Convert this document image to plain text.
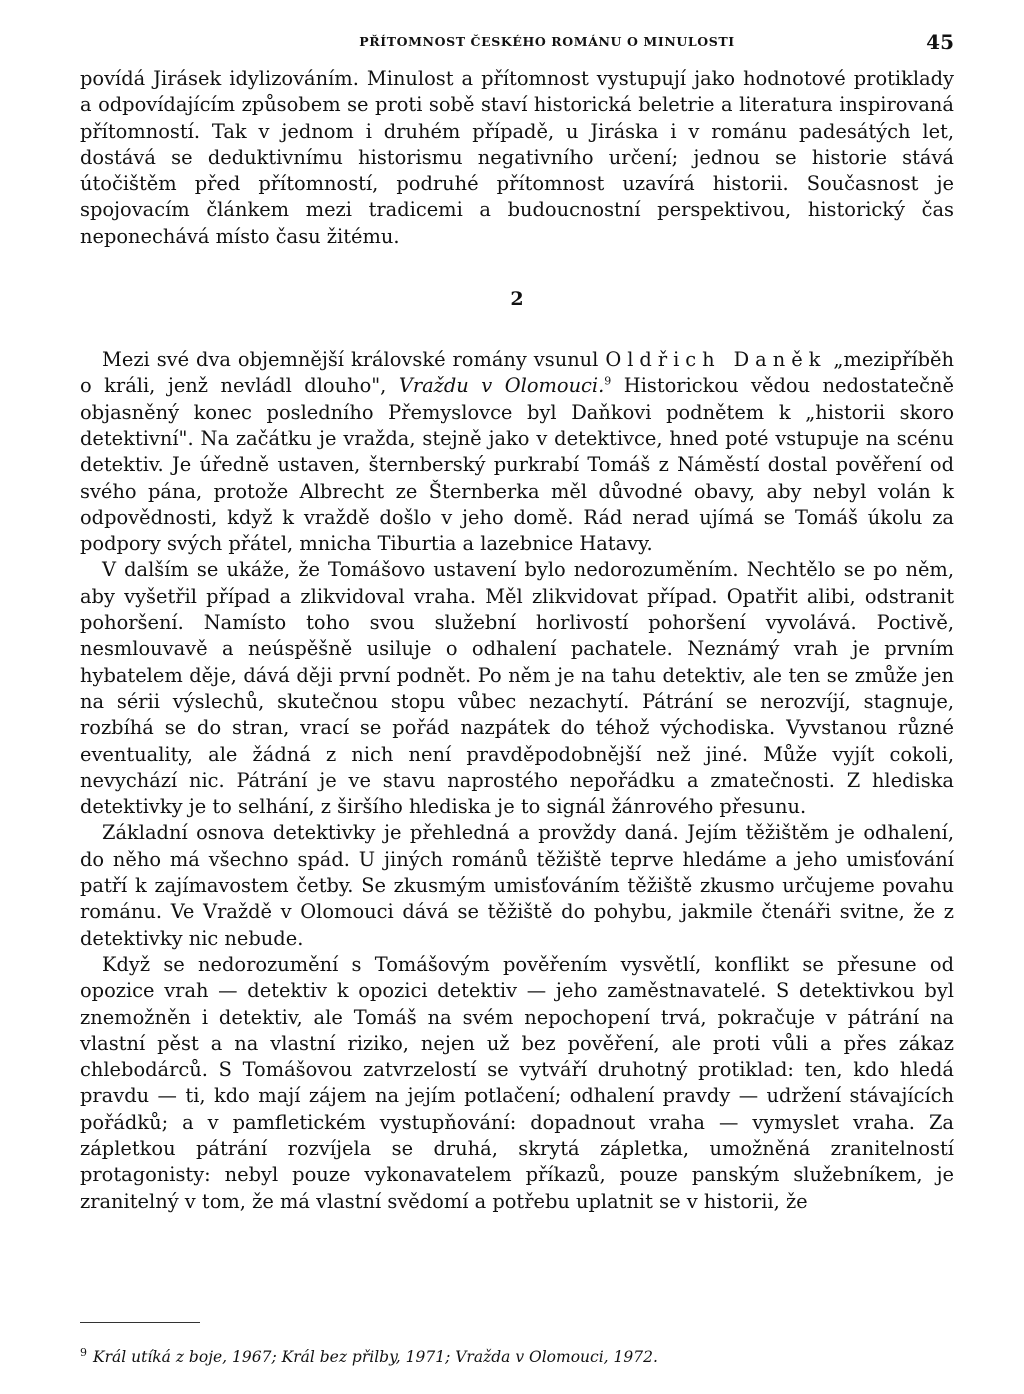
PŘÍTOMNOST ČESKÉHO ROMÁNU O MINULOSTI	45

povídá Jirásek idylizováním. Minulost a přítomnost vystupují jako hodnotové protiklady a odpovídajícím způsobem se proti sobě staví historická beletrie a literatura inspirovaná přítomností. Tak v jednom i druhém případě, u Jiráska i v románu padesátých let, dostává se deduktivnímu historismu negativního určení; jednou se historie stává útočištěm před přítomností, podruhé přítomnost uzavírá historii. Současnost je spojovacím článkem mezi tradicemi a budoucnostní perspektivou, historický čas neponechává místo času žitému.

2

Mezi své dva objemnější královské romány vsunul Oldřich Daněk „mezipříběh o králi, jenž nevládl dlouho", Vraždu v Olomouci.$^9$ Historickou vědou nedostatečně objasněný konec posledního Přemyslovce byl Daňkovi podnětem k „historii skoro detektivní". Na začátku je vražda, stejně jako v detektivce, hned poté vstupuje na scénu detektiv. Je úředně ustaven, šternberský purkrabí Tomáš z Náměstí dostal pověření od svého pána, protože Albrecht ze Šternberka měl důvodné obavy, aby nebyl volán k odpovědnosti, když k vraždě došlo v jeho domě. Rád nerad ujímá se Tomáš úkolu za podpory svých přátel, mnicha Tiburtia a lazebnice Hatavy.

V dalším se ukáže, že Tomášovo ustavení bylo nedorozuměním. Nechtělo se po něm, aby vyšetřil případ a zlikvidoval vraha. Měl zlikvidovat případ. Opatřit alibi, odstranit pohoršení. Namísto toho svou služební horlivostí pohoršení vyvolává. Poctivě, nesmlouvavě a neúspěšně usiluje o odhalení pachatele. Neznámý vrah je prvním hybatelem děje, dává ději první podnět. Po něm je na tahu detektiv, ale ten se zmůže jen na sérii výslechů, skutečnou stopu vůbec nezachytí. Pátrání se nerozvíjí, stagnuje, rozbíhá se do stran, vrací se pořád nazpátek do téhož východiska. Vyvstanou různé eventuality, ale žádná z nich není pravděpodobnější než jiné. Může vyjít cokoli, nevychází nic. Pátrání je ve stavu naprostého nepořádku a zmatečnosti. Z hlediska detektivky je to selhání, z širšího hlediska je to signál žánrového přesunu.

Základní osnova detektivky je přehledná a provždy daná. Jejím těžištěm je odhalení, do něho má všechno spád. U jiných románů těžiště teprve hledáme a jeho umisťování patří k zajímavostem četby. Se zkusmým umisťováním těžiště zkusmo určujeme povahu románu. Ve Vraždě v Olomouci dává se těžiště do pohybu, jakmile čtenáři svitne, že z detektivky nic nebude.

Když se nedorozumění s Tomášovým pověřením vysvětlí, konflikt se přesune od opozice vrah — detektiv k opozici detektiv — jeho zaměstnavatelé. S detektivkou byl znemožněn i detektiv, ale Tomáš na svém nepochopení trvá, pokračuje v pátrání na vlastní pěst a na vlastní riziko, nejen už bez pověření, ale proti vůli a přes zákaz chlebodárců. S Tomášovou zatvrzelostí se vytváří druhotný protiklad: ten, kdo hledá pravdu — ti, kdo mají zájem na jejím potlačení; odhalení pravdy — udržení stávajících pořádků; a v pamfletickém vystupňování: dopadnout vraha — vymyslet vraha. Za zápletkou pátrání rozvíjela se druhá, skrytá zápletka, umožněná zranitelností protagonisty: nebyl pouze vykonavatelem příkazů, pouze panským služebníkem, je zranitelný v tom, že má vlastní svědomí a potřebu uplatnit se v historii, že

$^9$ Král utíká z boje, 1967; Král bez přilby, 1971; Vražda v Olomouci, 1972.
